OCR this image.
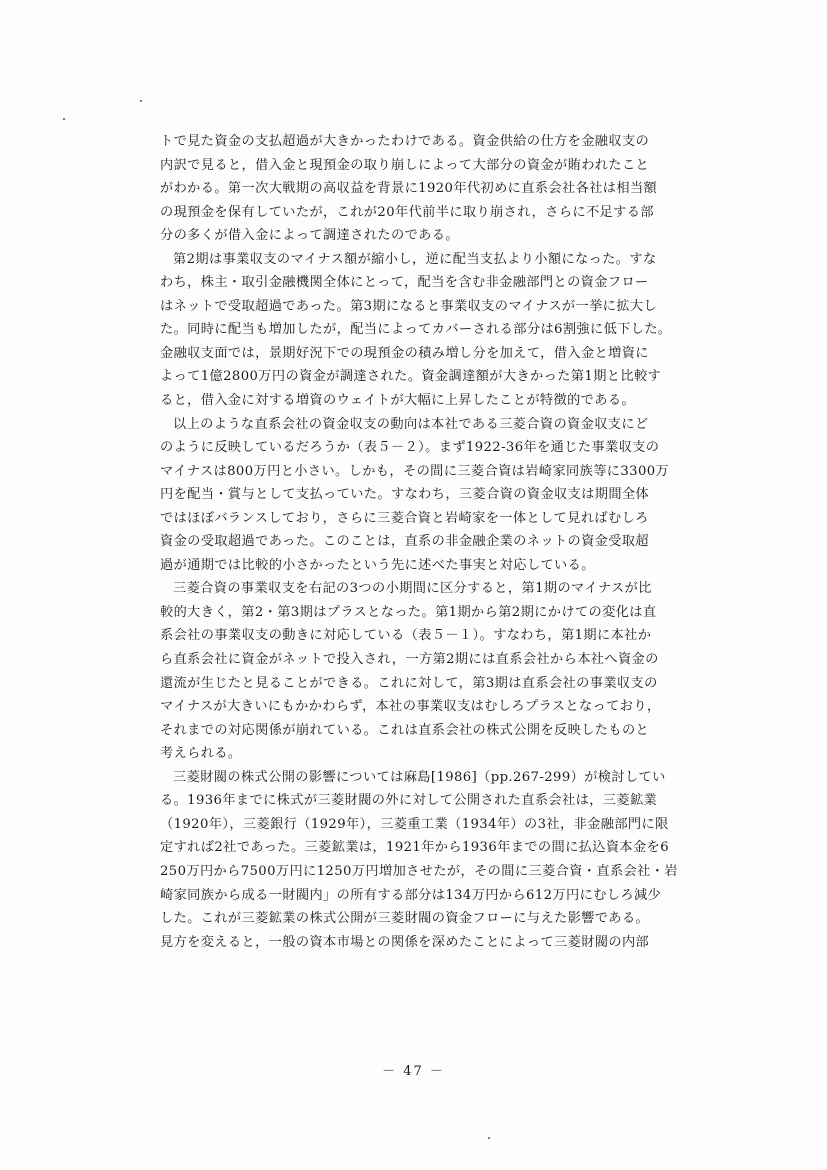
トで見た資金の支払超過が大きかったわけである。資金供給の仕方を金融収支の
内訳で見ると，借入金と現預金の取り崩しによって大部分の資金が賄われたこと
がわかる。第一次大戦期の高収益を背景に1920年代初めに直系会社各社は相当額
の現預金を保有していたが，これが20年代前半に取り崩され，さらに不足する部
分の多くが借入金によって調達されたのである。
第2期は事業収支のマイナス額が縮小し，逆に配当支払より小額になった。すな
わち，株主・取引金融機関全体にとって，配当を含む非金融部門との資金フロー
はネットで受取超過であった。第3期になると事業収支のマイナスが一挙に拡大し
た。同時に配当も増加したが，配当によってカバーされる部分は6割強に低下した。
金融収支面では，景期好況下での現預金の積み増し分を加えて，借入金と増資に
よって1億2800万円の資金が調達された。資金調達額が大きかった第1期と比較す
ると，借入金に対する増資のウェイトが大幅に上昇したことが特徴的である。
以上のような直系会社の資金収支の動向は本社である三菱合資の資金収支にど
のように反映しているだろうか（表５－２）。まず1922-36年を通じた事業収支の
マイナスは800万円と小さい。しかも，その間に三菱合資は岩崎家同族等に3300万
円を配当・賞与として支払っていた。すなわち，三菱合資の資金収支は期間全体
ではほぼバランスしており，さらに三菱合資と岩崎家を一体として見ればむしろ
資金の受取超過であった。このことは，直系の非金融企業のネットの資金受取超
過が通期では比較的小さかったという先に述べた事実と対応している。
三菱合資の事業収支を右記の3つの小期間に区分すると，第1期のマイナスが比
較的大きく，第2・第3期はプラスとなった。第1期から第2期にかけての変化は直
系会社の事業収支の動きに対応している（表５－１）。すなわち，第1期に本社か
ら直系会社に資金がネットで投入され，一方第2期には直系会社から本社へ資金の
還流が生じたと見ることができる。これに対して，第3期は直系会社の事業収支の
マイナスが大きいにもかかわらず，本社の事業収支はむしろプラスとなっており，
それまでの対応関係が崩れている。これは直系会社の株式公開を反映したものと
考えられる。
三菱財閥の株式公開の影響については麻島[1986]（pp.267-299）が検討してい
る。1936年までに株式が三菱財閥の外に対して公開された直系会社は，三菱鉱業
（1920年），三菱銀行（1929年），三菱重工業（1934年）の3社，非金融部門に限
定すれば2社であった。三菱鉱業は，1921年から1936年までの間に払込資本金を6
250万円から7500万円に1250万円増加させたが，その間に三菱合資・直系会社・岩
崎家同族から成る一財閥内」の所有する部分は134万円から612万円にむしろ減少
した。これが三菱鉱業の株式公開が三菱財閥の資金フローに与えた影響である。
見方を変えると，一般の資本市場との関係を深めたことによって三菱財閥の内部
－ 47 －
